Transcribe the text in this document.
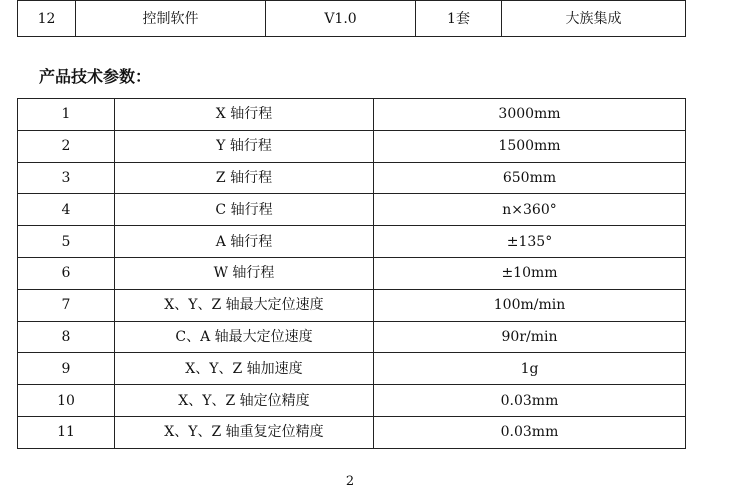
12	控制软件	V1.0	1套	大族集成
产品技术参数：
1	X 轴行程	3000mm
2	Y 轴行程	1500mm
3	Z 轴行程	650mm
4	C 轴行程	n×360°
5	A 轴行程	±135°
6	W 轴行程	±10mm
7	X、Y、Z 轴最大定位速度	100m/min
8	C、A 轴最大定位速度	90r/min
9	X、Y、Z 轴加速度	1g
10	X、Y、Z 轴定位精度	0.03mm
11	X、Y、Z 轴重复定位精度	0.03mm
2
